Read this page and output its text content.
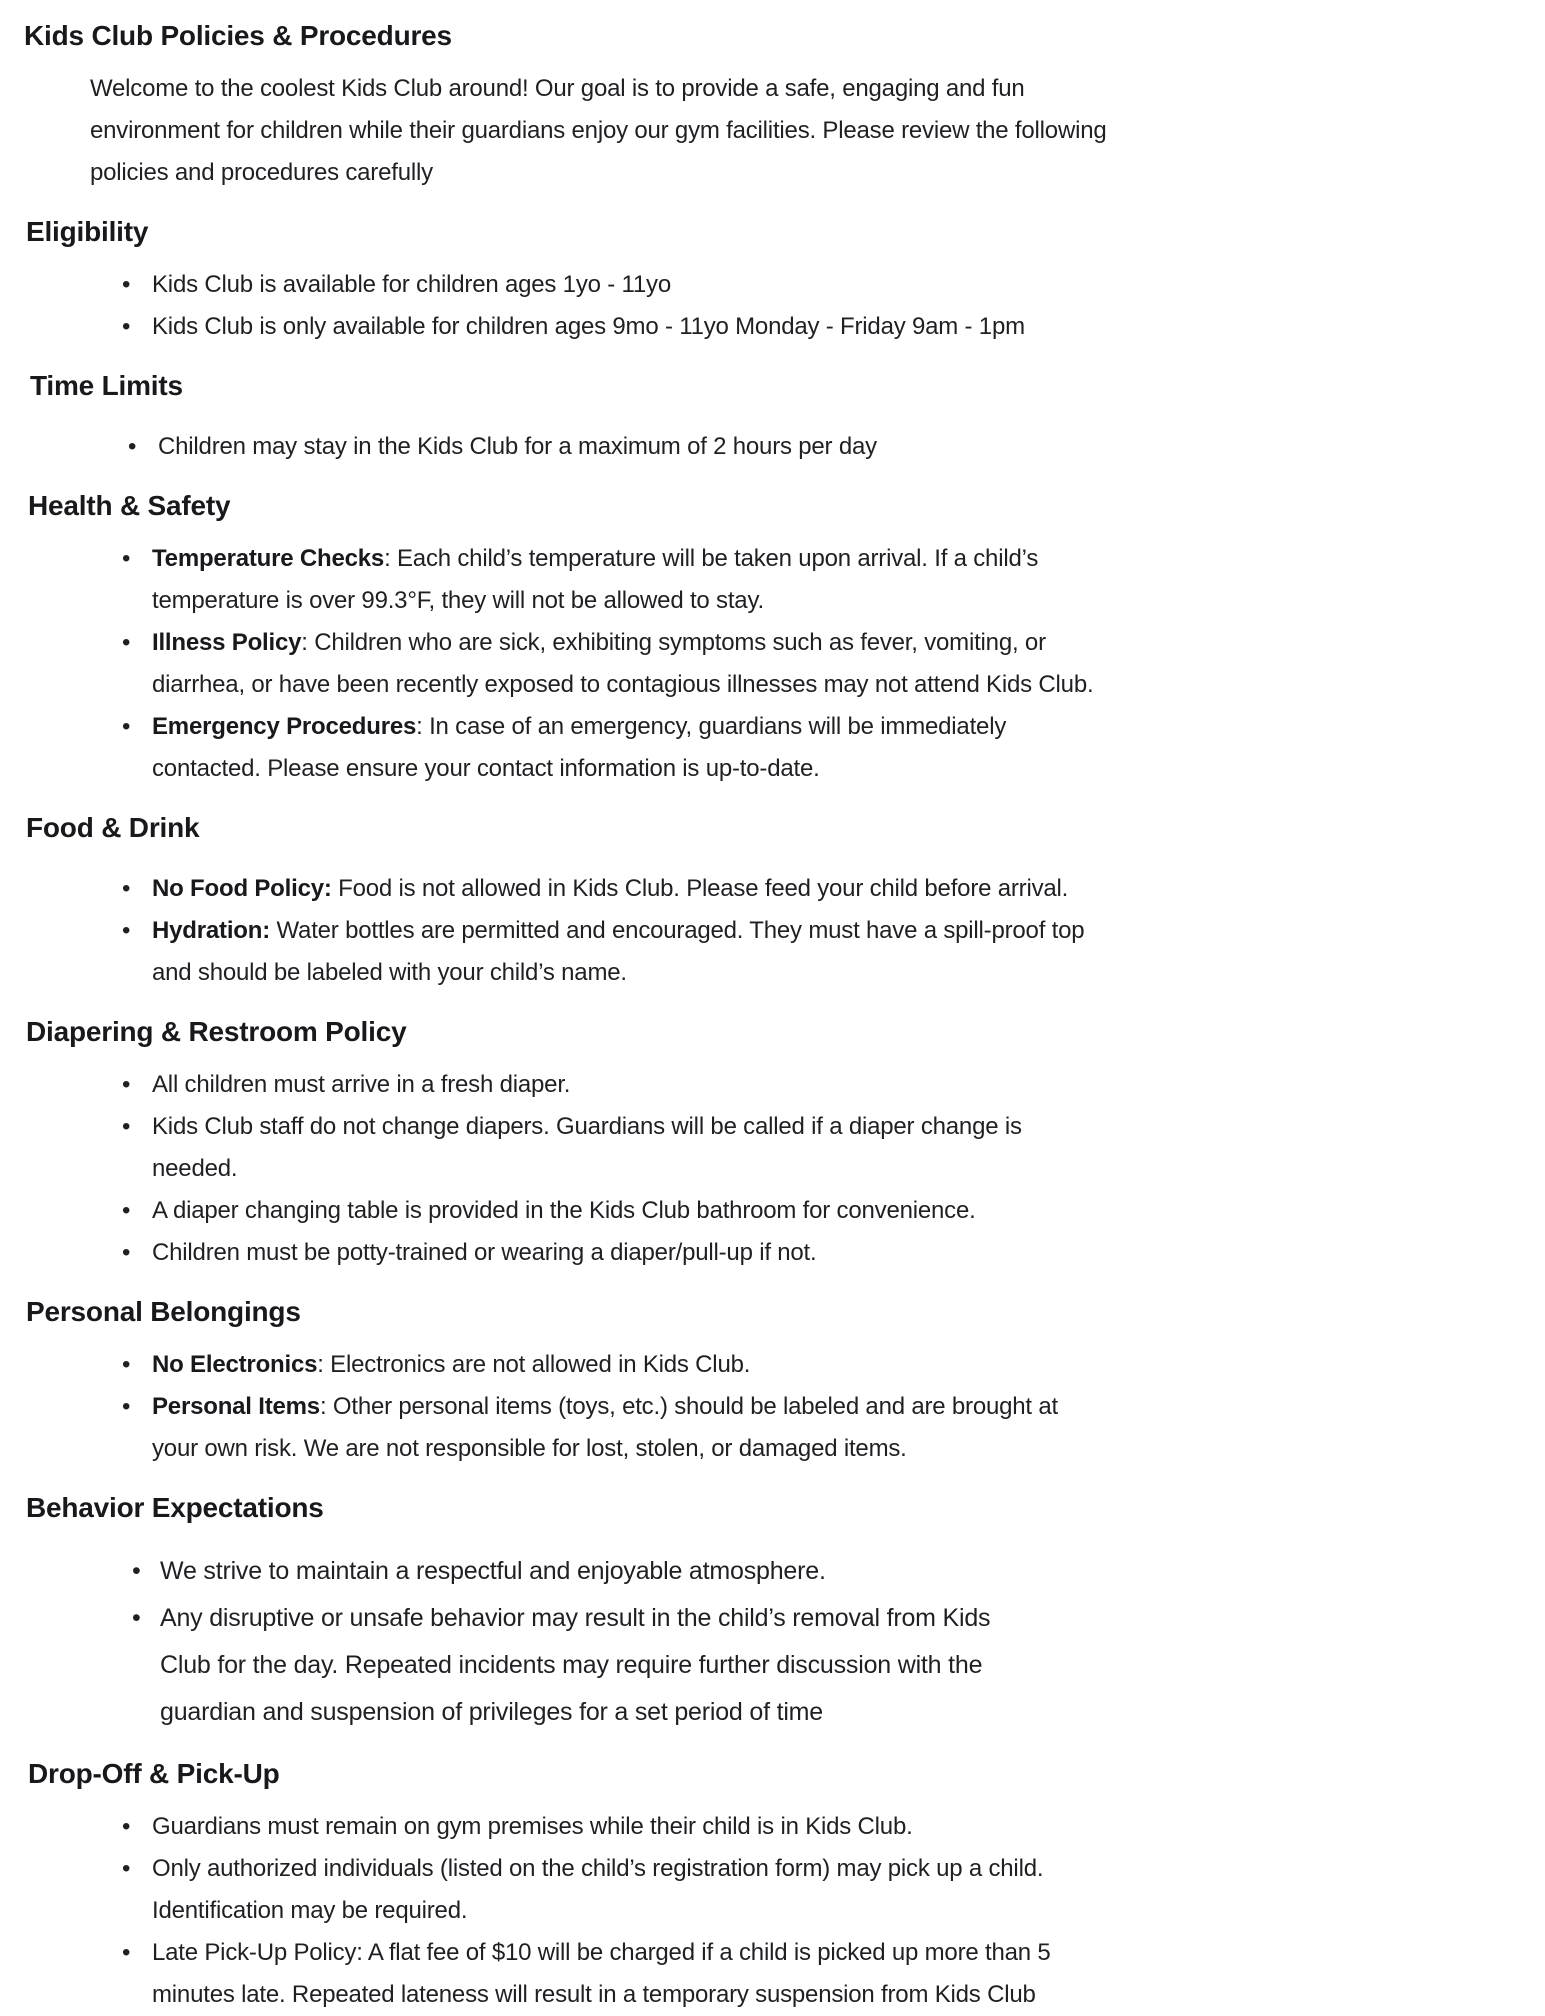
Kids Club Policies & Procedures

Welcome to the coolest Kids Club around! Our goal is to provide a safe, engaging and fun
environment for children while their guardians enjoy our gym facilities. Please review the following
policies and procedures carefully

Eligibility
• Kids Club is available for children ages 1yo - 11yo
• Kids Club is only available for children ages 9mo - 11yo Monday - Friday 9am - 1pm
Time Limits
• Children may stay in the Kids Club for a maximum of 2 hours per day
Health & Safety
• Temperature Checks: Each child’s temperature will be taken upon arrival. If a child’s
temperature is over 99.3°F, they will not be allowed to stay.
• Illness Policy: Children who are sick, exhibiting symptoms such as fever, vomiting, or
diarrhea, or have been recently exposed to contagious illnesses may not attend Kids Club.
• Emergency Procedures: In case of an emergency, guardians will be immediately
contacted. Please ensure your contact information is up-to-date.
Food & Drink
• No Food Policy: Food is not allowed in Kids Club. Please feed your child before arrival.
• Hydration: Water bottles are permitted and encouraged. They must have a spill-proof top
and should be labeled with your child’s name.
Diapering & Restroom Policy
• All children must arrive in a fresh diaper.
• Kids Club staff do not change diapers. Guardians will be called if a diaper change is
needed.
• A diaper changing table is provided in the Kids Club bathroom for convenience.
• Children must be potty-trained or wearing a diaper/pull-up if not.
Personal Belongings
• No Electronics: Electronics are not allowed in Kids Club.
• Personal Items: Other personal items (toys, etc.) should be labeled and are brought at
your own risk. We are not responsible for lost, stolen, or damaged items.
Behavior Expectations
• We strive to maintain a respectful and enjoyable atmosphere.
• Any disruptive or unsafe behavior may result in the child’s removal from Kids
Club for the day. Repeated incidents may require further discussion with the
guardian and suspension of privileges for a set period of time
Drop-Off & Pick-Up
• Guardians must remain on gym premises while their child is in Kids Club.
• Only authorized individuals (listed on the child’s registration form) may pick up a child.
Identification may be required.
• Late Pick-Up Policy: A flat fee of $10 will be charged if a child is picked up more than 5
minutes late. Repeated lateness will result in a temporary suspension from Kids Club
